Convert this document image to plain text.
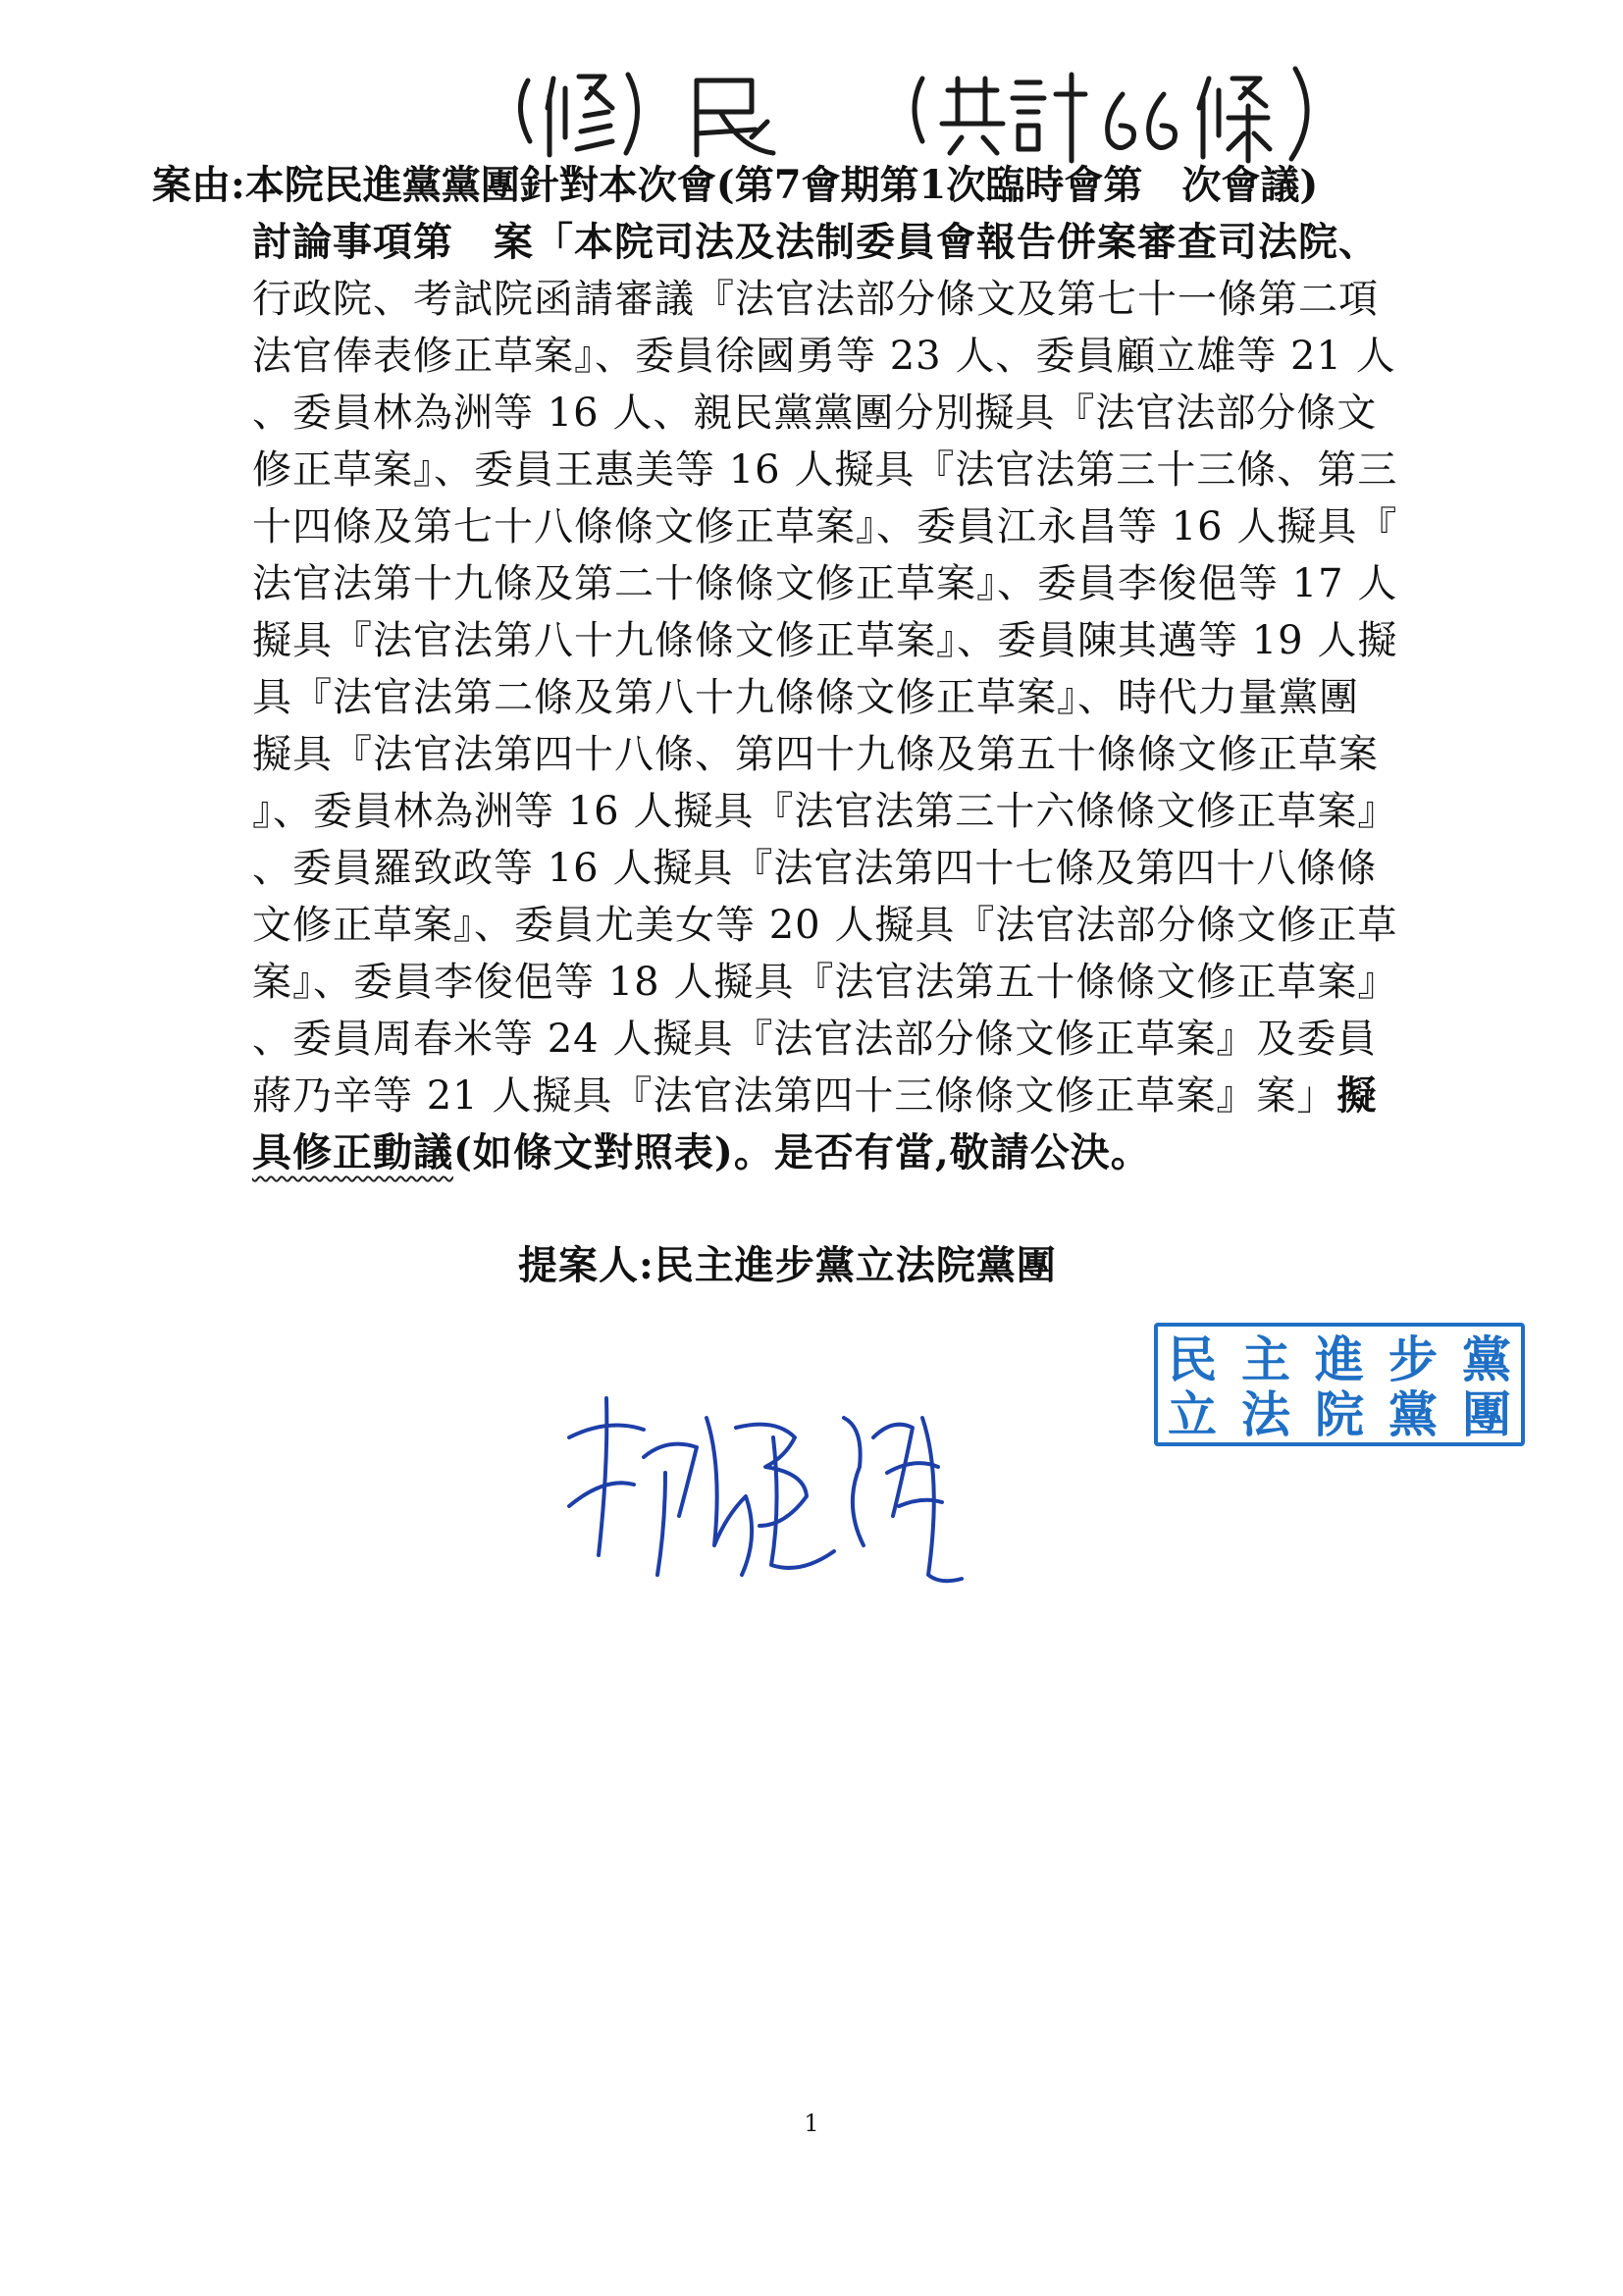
案由: 本院民進黨黨團針對本次會(第7會期第1次臨時會第　次會議)
討論事項第　案「本院司法及法制委員會報告併案審查司法院、
行政院、考試院函請審議『法官法部分條文及第七十一條第二項
法官俸表修正草案』、委員徐國勇等 23 人、委員顧立雄等 21 人
、委員林為洲等 16 人、親民黨黨團分別擬具『法官法部分條文
修正草案』、委員王惠美等 16 人擬具『法官法第三十三條、第三
十四條及第七十八條條文修正草案』、委員江永昌等 16 人擬具『
法官法第十九條及第二十條條文修正草案』、委員李俊俋等 17 人
擬具『法官法第八十九條條文修正草案』、委員陳其邁等 19 人擬
具『法官法第二條及第八十九條條文修正草案』、時代力量黨團
擬具『法官法第四十八條、第四十九條及第五十條條文修正草案
』、委員林為洲等 16 人擬具『法官法第三十六條條文修正草案』
、委員羅致政等 16 人擬具『法官法第四十七條及第四十八條條
文修正草案』、委員尤美女等 20 人擬具『法官法部分條文修正草
案』、委員李俊俋等 18 人擬具『法官法第五十條條文修正草案』
、委員周春米等 24 人擬具『法官法部分條文修正草案』及委員
蔣乃辛等 21 人擬具『法官法第四十三條條文修正草案』案」擬
具修正動議(如條文對照表)。是否有當,敬請公決。
提案人:民主進步黨立法院黨團
民 主 進 步 黨
立 法 院 黨 團
1
